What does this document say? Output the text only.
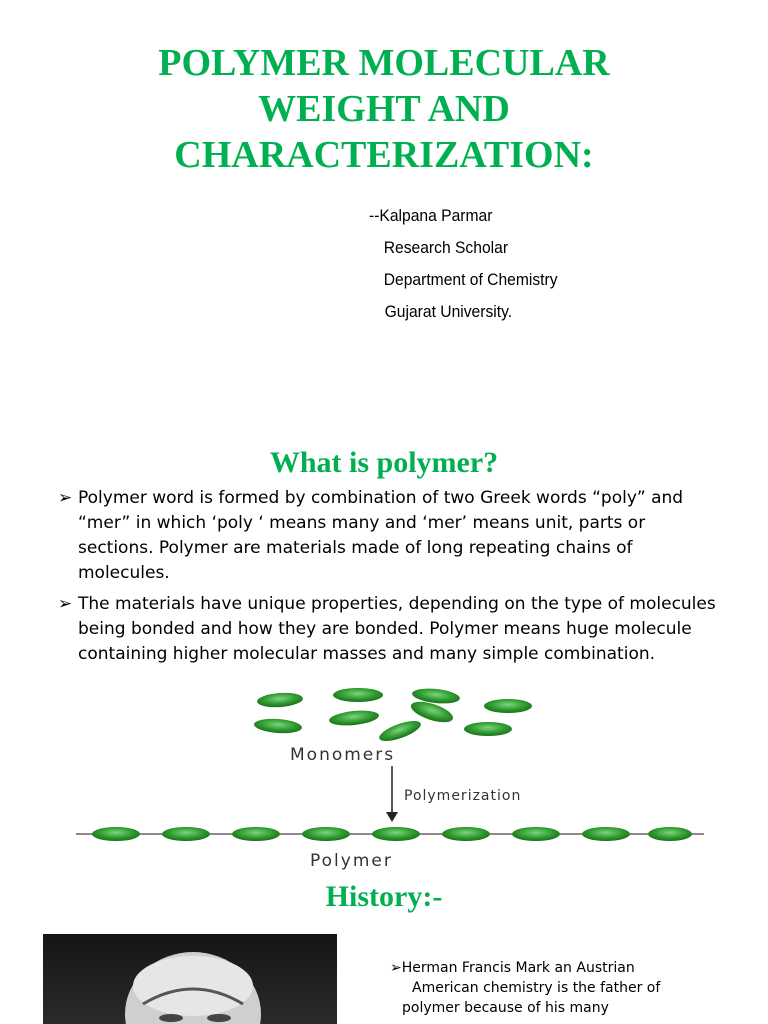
POLYMER MOLECULAR
WEIGHT AND
CHARACTERIZATION:
--Kalpana Parmar
Research Scholar
Department of Chemistry
Gujarat University.
What is polymer?
➢ Polymer word is formed by combination of two Greek words “poly” and “mer” in which ‘poly ‘ means many and ‘mer’ means unit, parts or sections. Polymer are materials made of long repeating chains of molecules.
➢ The materials have unique properties, depending on the type of molecules being bonded and how they are bonded. Polymer means huge molecule containing higher molecular masses and many simple combination.
Monomers
Polymerization
Polymer
History:-
➢Herman Francis Mark an Austrian
American chemistry is the father of
polymer because of his many
